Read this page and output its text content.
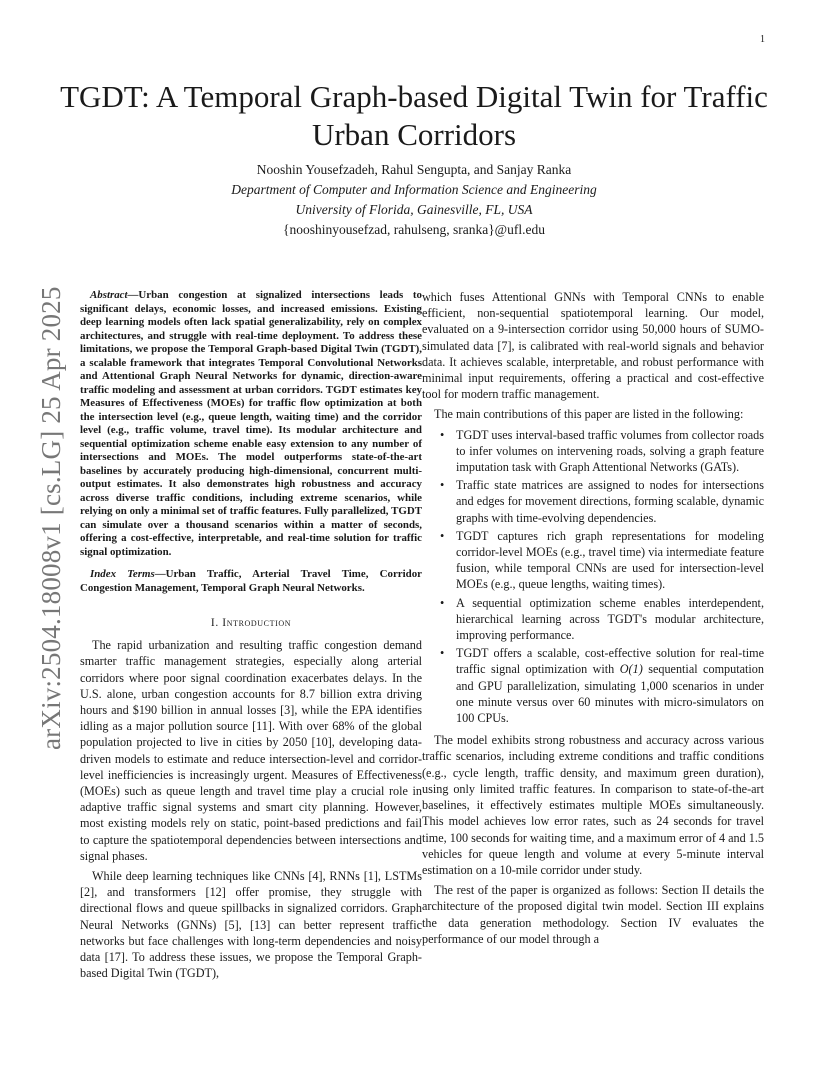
1
arXiv:2504.18008v1 [cs.LG] 25 Apr 2025
TGDT: A Temporal Graph-based Digital Twin for Traffic Urban Corridors
Nooshin Yousefzadeh, Rahul Sengupta, and Sanjay Ranka
Department of Computer and Information Science and Engineering
University of Florida, Gainesville, FL, USA
{nooshinyousefzad, rahulseng, sranka}@ufl.edu

Abstract—Urban congestion at signalized intersections leads to significant delays, economic losses, and increased emissions. Existing deep learning models often lack spatial generalizability, rely on complex architectures, and struggle with real-time deployment. To address these limitations, we propose the Temporal Graph-based Digital Twin (TGDT), a scalable framework that integrates Temporal Convolutional Networks and Attentional Graph Neural Networks for dynamic, direction-aware traffic modeling and assessment at urban corridors. TGDT estimates key Measures of Effectiveness (MOEs) for traffic flow optimization at both the intersection level (e.g., queue length, waiting time) and the corridor level (e.g., traffic volume, travel time). Its modular architecture and sequential optimization scheme enable easy extension to any number of intersections and MOEs. The model outperforms state-of-the-art baselines by accurately producing high-dimensional, concurrent multi-output estimates. It also demonstrates high robustness and accuracy across diverse traffic conditions, including extreme scenarios, while relying on only a minimal set of traffic features. Fully parallelized, TGDT can simulate over a thousand scenarios within a matter of seconds, offering a cost-effective, interpretable, and real-time solution for traffic signal optimization.

Index Terms—Urban Traffic, Arterial Travel Time, Corridor Congestion Management, Temporal Graph Neural Networks.

I. Introduction

The rapid urbanization and resulting traffic congestion demand smarter traffic management strategies, especially along arterial corridors where poor signal coordination exacerbates delays. In the U.S. alone, urban congestion accounts for 8.7 billion extra driving hours and $190 billion in annual losses [3], while the EPA identifies idling as a major pollution source [11]. With over 68% of the global population projected to live in cities by 2050 [10], developing data-driven models to estimate and reduce intersection-level and corridor-level inefficiencies is increasingly urgent. Measures of Effectiveness (MOEs) such as queue length and travel time play a crucial role in adaptive traffic signal systems and smart city planning. However, most existing models rely on static, point-based predictions and fail to capture the spatiotemporal dependencies between intersections and signal phases.

While deep learning techniques like CNNs [4], RNNs [1], LSTMs [2], and transformers [12] offer promise, they struggle with directional flows and queue spillbacks in signalized corridors. Graph Neural Networks (GNNs) [5], [13] can better represent traffic networks but face challenges with long-term dependencies and noisy data [17]. To address these issues, we propose the Temporal Graph-based Digital Twin (TGDT),

which fuses Attentional GNNs with Temporal CNNs to enable efficient, non-sequential spatiotemporal learning. Our model, evaluated on a 9-intersection corridor using 50,000 hours of SUMO-simulated data [7], is calibrated with real-world signals and behavior data. It achieves scalable, interpretable, and robust performance with minimal input requirements, offering a practical and cost-effective tool for modern traffic management.

The main contributions of this paper are listed in the following:

• TGDT uses interval-based traffic volumes from collector roads to infer volumes on intervening roads, solving a graph feature imputation task with Graph Attentional Networks (GATs).
• Traffic state matrices are assigned to nodes for intersections and edges for movement directions, forming scalable, dynamic graphs with time-evolving dependencies.
• TGDT captures rich graph representations for modeling corridor-level MOEs (e.g., travel time) via intermediate feature fusion, while temporal CNNs are used for intersection-level MOEs (e.g., queue lengths, waiting times).
• A sequential optimization scheme enables interdependent, hierarchical learning across TGDT's modular architecture, improving performance.
• TGDT offers a scalable, cost-effective solution for real-time traffic signal optimization with O(1) sequential computation and GPU parallelization, simulating 1,000 scenarios in under one minute versus over 60 minutes with micro-simulators on 100 CPUs.

The model exhibits strong robustness and accuracy across various traffic scenarios, including extreme conditions and traffic conditions (e.g., cycle length, traffic density, and maximum green duration), using only limited traffic features. In comparison to state-of-the-art baselines, it effectively estimates multiple MOEs simultaneously. This model achieves low error rates, such as 24 seconds for travel time, 100 seconds for waiting time, and a maximum error of 4 and 1.5 vehicles for queue length and volume at every 5-minute interval estimation on a 10-mile corridor under study.

The rest of the paper is organized as follows: Section II details the architecture of the proposed digital twin model. Section III explains the data generation methodology. Section IV evaluates the performance of our model through a
